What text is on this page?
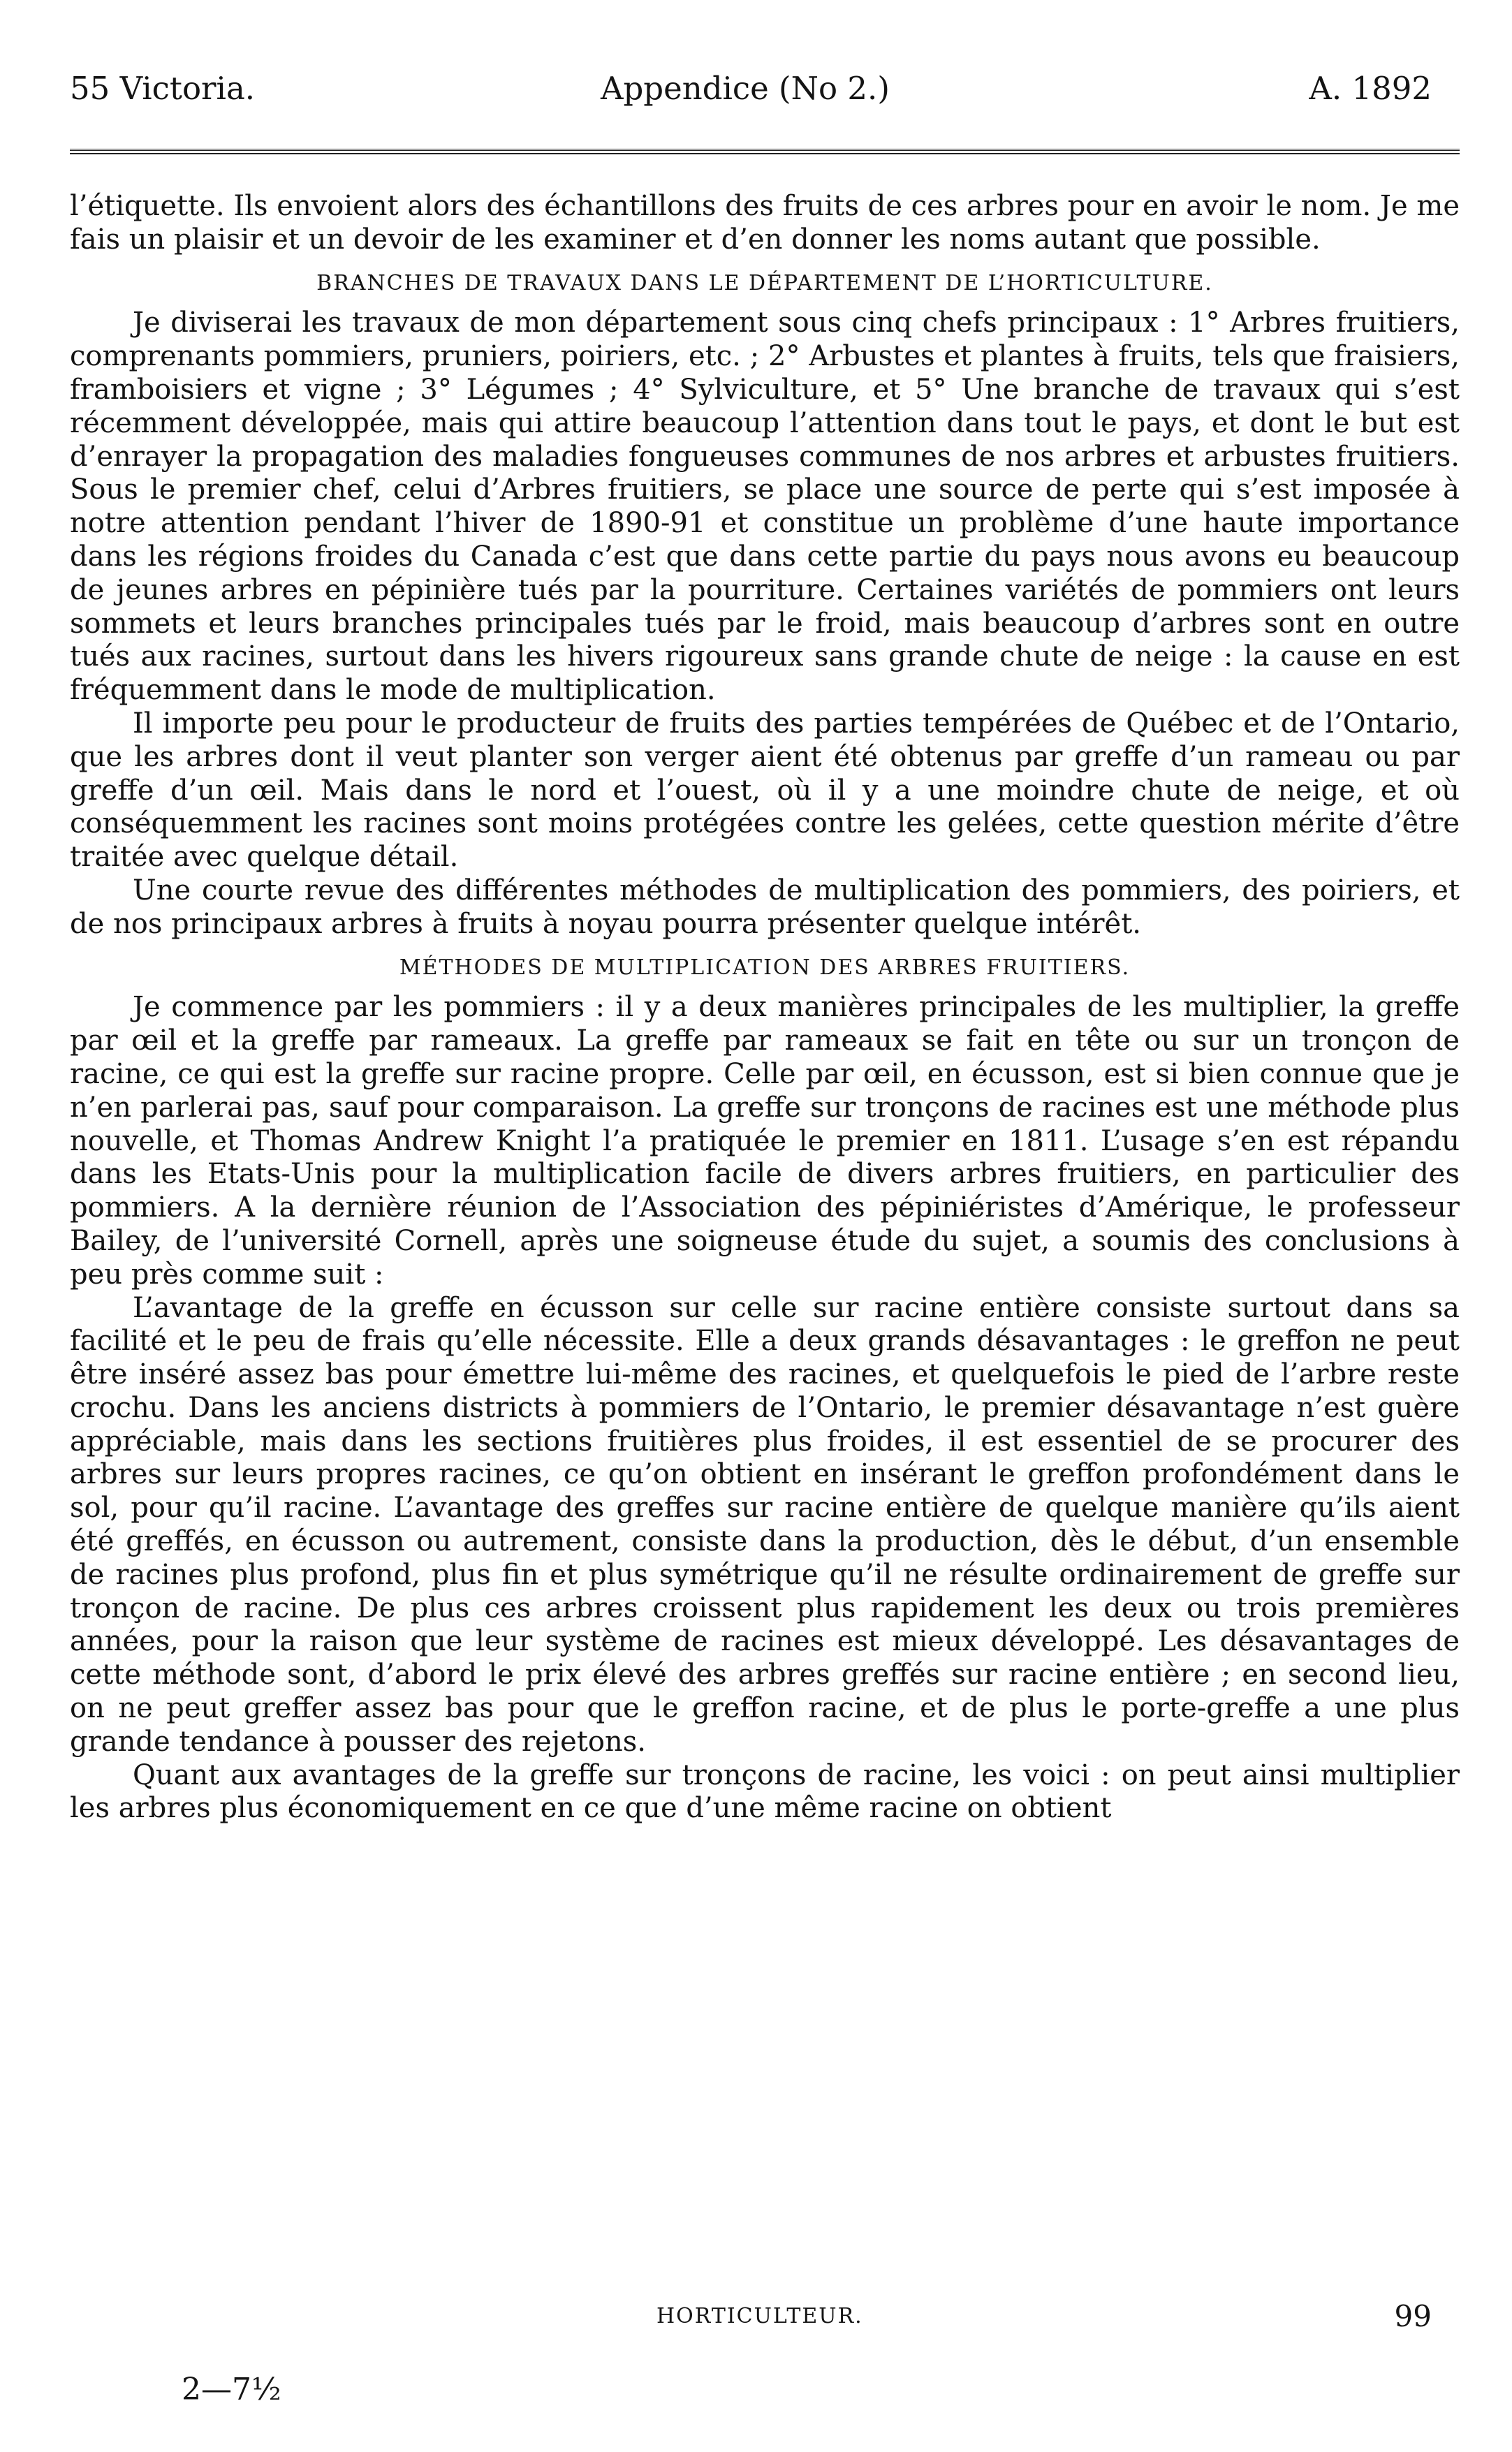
55 Victoria.	Appendice (No 2.)	A. 1892

l’étiquette. Ils envoient alors des échantillons des fruits de ces arbres pour en avoir le nom. Je me fais un plaisir et un devoir de les examiner et d’en donner les noms autant que possible.

BRANCHES DE TRAVAUX DANS LE DÉPARTEMENT DE L’HORTICULTURE.

Je diviserai les travaux de mon département sous cinq chefs principaux : 1° Arbres fruitiers, comprenants pommiers, pruniers, poiriers, etc. ; 2° Arbustes et plantes à fruits, tels que fraisiers, framboisiers et vigne ; 3° Légumes ; 4° Sylviculture, et 5° Une branche de travaux qui s’est récemment développée, mais qui attire beaucoup l’attention dans tout le pays, et dont le but est d’enrayer la propagation des maladies fongueuses communes de nos arbres et arbustes fruitiers. Sous le premier chef, celui d’Arbres fruitiers, se place une source de perte qui s’est imposée à notre attention pendant l’hiver de 1890-91 et constitue un problème d’une haute importance dans les régions froides du Canada c’est que dans cette partie du pays nous avons eu beaucoup de jeunes arbres en pépinière tués par la pourriture. Certaines variétés de pommiers ont leurs sommets et leurs branches principales tués par le froid, mais beaucoup d’arbres sont en outre tués aux racines, surtout dans les hivers rigoureux sans grande chute de neige : la cause en est fréquemment dans le mode de multiplication.

Il importe peu pour le producteur de fruits des parties tempérées de Québec et de l’Ontario, que les arbres dont il veut planter son verger aient été obtenus par greffe d’un rameau ou par greffe d’un œil. Mais dans le nord et l’ouest, où il y a une moindre chute de neige, et où conséquemment les racines sont moins protégées contre les gelées, cette question mérite d’être traitée avec quelque détail.

Une courte revue des différentes méthodes de multiplication des pommiers, des poiriers, et de nos principaux arbres à fruits à noyau pourra présenter quelque intérêt.

MÉTHODES DE MULTIPLICATION DES ARBRES FRUITIERS.

Je commence par les pommiers : il y a deux manières principales de les multiplier, la greffe par œil et la greffe par rameaux. La greffe par rameaux se fait en tête ou sur un tronçon de racine, ce qui est la greffe sur racine propre. Celle par œil, en écusson, est si bien connue que je n’en parlerai pas, sauf pour comparaison. La greffe sur tronçons de racines est une méthode plus nouvelle, et Thomas Andrew Knight l’a pratiquée le premier en 1811. L’usage s’en est répandu dans les Etats-Unis pour la multiplication facile de divers arbres fruitiers, en particulier des pommiers. A la dernière réunion de l’Association des pépiniéristes d’Amérique, le professeur Bailey, de l’université Cornell, après une soigneuse étude du sujet, a soumis des conclusions à peu près comme suit :

L’avantage de la greffe en écusson sur celle sur racine entière consiste surtout dans sa facilité et le peu de frais qu’elle nécessite. Elle a deux grands désavantages : le greffon ne peut être inséré assez bas pour émettre lui-même des racines, et quelquefois le pied de l’arbre reste crochu. Dans les anciens districts à pommiers de l’Ontario, le premier désavantage n’est guère appréciable, mais dans les sections fruitières plus froides, il est essentiel de se procurer des arbres sur leurs propres racines, ce qu’on obtient en insérant le greffon profondément dans le sol, pour qu’il racine. L’avantage des greffes sur racine entière de quelque manière qu’ils aient été greffés, en écusson ou autrement, consiste dans la production, dès le début, d’un ensemble de racines plus profond, plus fin et plus symétrique qu’il ne résulte ordinairement de greffe sur tronçon de racine. De plus ces arbres croissent plus rapidement les deux ou trois premières années, pour la raison que leur système de racines est mieux développé. Les désavantages de cette méthode sont, d’abord le prix élevé des arbres greffés sur racine entière ; en second lieu, on ne peut greffer assez bas pour que le greffon racine, et de plus le porte-greffe a une plus grande tendance à pousser des rejetons.

Quant aux avantages de la greffe sur tronçons de racine, les voici : on peut ainsi multiplier les arbres plus économiquement en ce que d’une même racine on obtient

HORTICULTEUR.	99
2—7½
